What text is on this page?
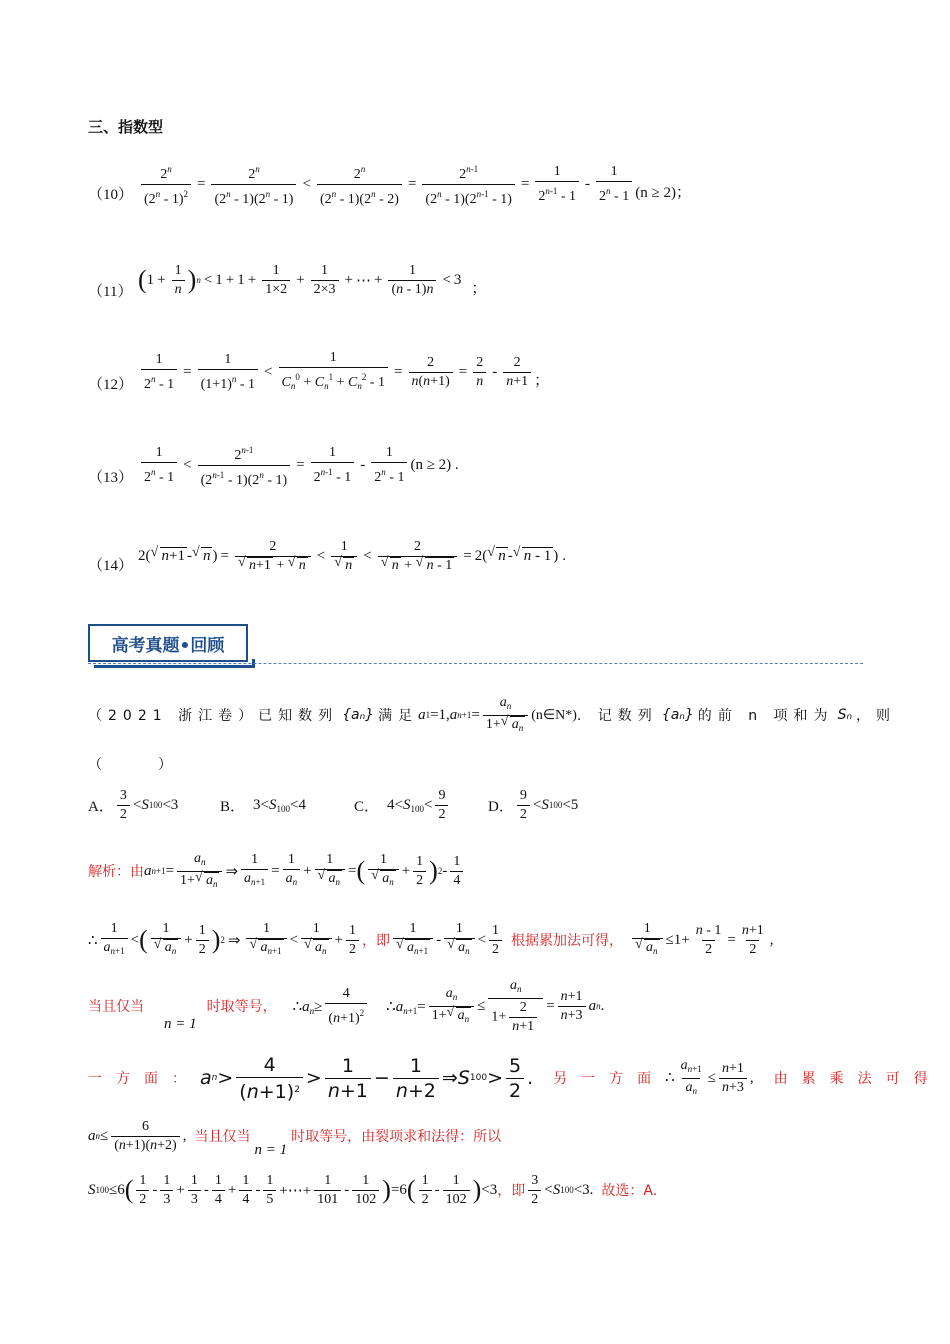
三、指数型
$(10) \frac{2^n}{(2^n - 1)^2} = \frac{2^n}{(2^n - 1)(2^n - 1)} < \frac{2^n}{(2^n - 1)(2^n - 2)} = \frac{2^{n-1}}{(2^n - 1)(2^{n-1} - 1)} = \frac{1}{2^{n-1} - 1} - \frac{1}{2^n - 1} (n \ge 2)$；
（11） ( $1 + \frac{1}{n}$ ) $n < 1 + 1 + \frac{1}{1\times 2} + \frac{1}{2\times 3}$ + ⋯ + $\frac{1}{(n - 1)n} < 3$
；
$(12) \frac{1}{2^n - 1} = \frac{1}{(1+1)^n - 1} < \frac{1}{C_n^0 + C_n^1 + C_n^2 - 1} = \frac{2}{n(n+1)} = \frac{2}{n} - \frac{2}{n+1}$ ；
$(13) \frac{1}{2^n - 1} < \frac{2^{n-1}}{(2^{n-1} - 1)(2^n - 1)} = \frac{1}{2^{n-1} - 1} - \frac{1}{2^n - 1} (n \ge 2)$ .
（14）
2( √ n+1 - √ n ) = 2
√ n+1 + √ n < 1
√ n < 2
√ n + √ n - 1 = 2( √ n - √ n - 1 ) .
高考真题•回顾
（2021 浙江卷）已知数列 {aₙ} 满足 a 1 =1, a $n+1 = \frac{a_n}{1+ √ a_n}$ (n∈N*) . 记数列 {aₙ} 的前 n 项和为 Sₙ ，则
（　　　　）
A． $\frac{3}{2} < S$ 100 <3	B． $3<S_{100}<4$	C． $4<S_{100}< \frac{9}{2}$	D． $\frac{9}{2} < S$ 100 <5
解析：由 a $n+1 = \frac{a_n}{1+ √ a_n}$ ⇒ $\frac{1}{a_{n+1}} = \frac{1}{a_n} + 1$
√ $a_n$ = ( 1
√ $a_n + \frac{1}{2}$ ) $2 - \frac{1}{4}$
∴ $\frac{1}{a_{n+1}}$ < ( 1
√ $a_n + \frac{1}{2}$ ) 2 ⇒ 1
√ $a_{n+1} < 1$
√ $a_n + \frac{1}{2}$ ，即 1
√ $a_{n+1} - 1$
√ $a_n < \frac{1}{2}$ 根据累加法可得， 1
√ $a_n \le 1+ \frac{n - 1}{2} = \frac{n+1}{2}$ ,
当且仅当
n = 1
时取等号， $\therefore a_n\ge \frac{4}{(n+1)^2}$ $\therefore a_{n+1}= \frac{a_n}{1+ √ a_n} \le \frac{a_n}{1+ \frac{2}{n+1}} = \frac{n+1}{n+3}$ a n .
一方面： a $n > \frac{4}{(n+1)^2} > \frac{1}{n+1} - \frac{1}{n+2}$ ⇒ S $100 > \frac{5}{2}$ . 另一方面 ∴ $\frac{a_{n+1}}{a_n} \le \frac{n+1}{n+3}$ , 由累乘法可得
a $n \le \frac{6}{(n+1)(n+2)}$ , 当且仅当
n = 1
时取等号，由裂项求和法得：所以
S 100 ≤6 ( $\frac{1}{2} - \frac{1}{3} + \frac{1}{3} - \frac{1}{4} + \frac{1}{4} - \frac{1}{5}$ +⋯+ $\frac{1}{101} - \frac{1}{102}$ ) =6 ( $\frac{1}{2} - \frac{1}{102}$ ) <3 ，即 $\frac{3}{2} < S$ 100 <3. 故选：A.
